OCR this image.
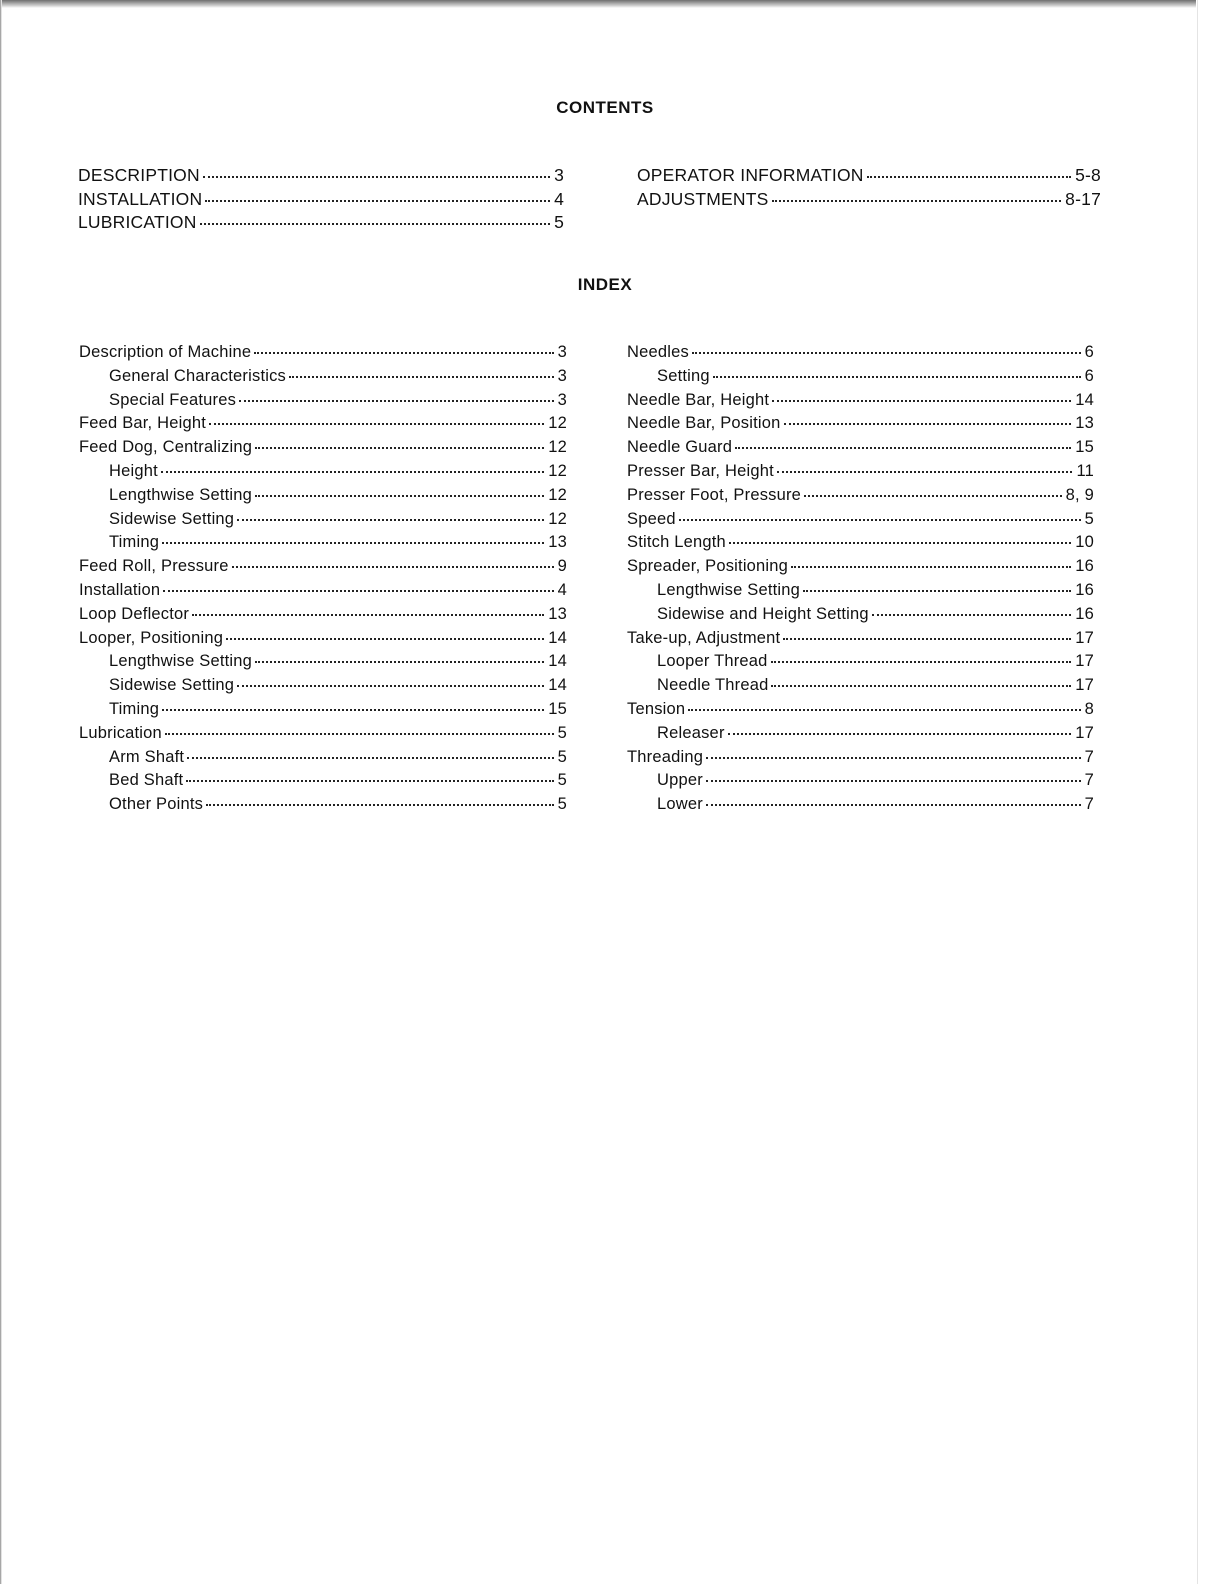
CONTENTS
DESCRIPTION	3
INSTALLATION	4
LUBRICATION	5
OPERATOR INFORMATION	5-8
ADJUSTMENTS	8-17
INDEX
Description of Machine	3
General Characteristics	3
Special Features	3
Feed Bar, Height	12
Feed Dog, Centralizing	12
Height	12
Lengthwise Setting	12
Sidewise Setting	12
Timing	13
Feed Roll, Pressure	9
Installation	4
Loop Deflector	13
Looper, Positioning	14
Lengthwise Setting	14
Sidewise Setting	14
Timing	15
Lubrication	5
Arm Shaft	5
Bed Shaft	5
Other Points	5
Needles	6
Setting	6
Needle Bar, Height	14
Needle Bar, Position	13
Needle Guard	15
Presser Bar, Height	11
Presser Foot, Pressure	8, 9
Speed	5
Stitch Length	10
Spreader, Positioning	16
Lengthwise Setting	16
Sidewise and Height Setting	16
Take-up, Adjustment	17
Looper Thread	17
Needle Thread	17
Tension	8
Releaser	17
Threading	7
Upper	7
Lower	7
